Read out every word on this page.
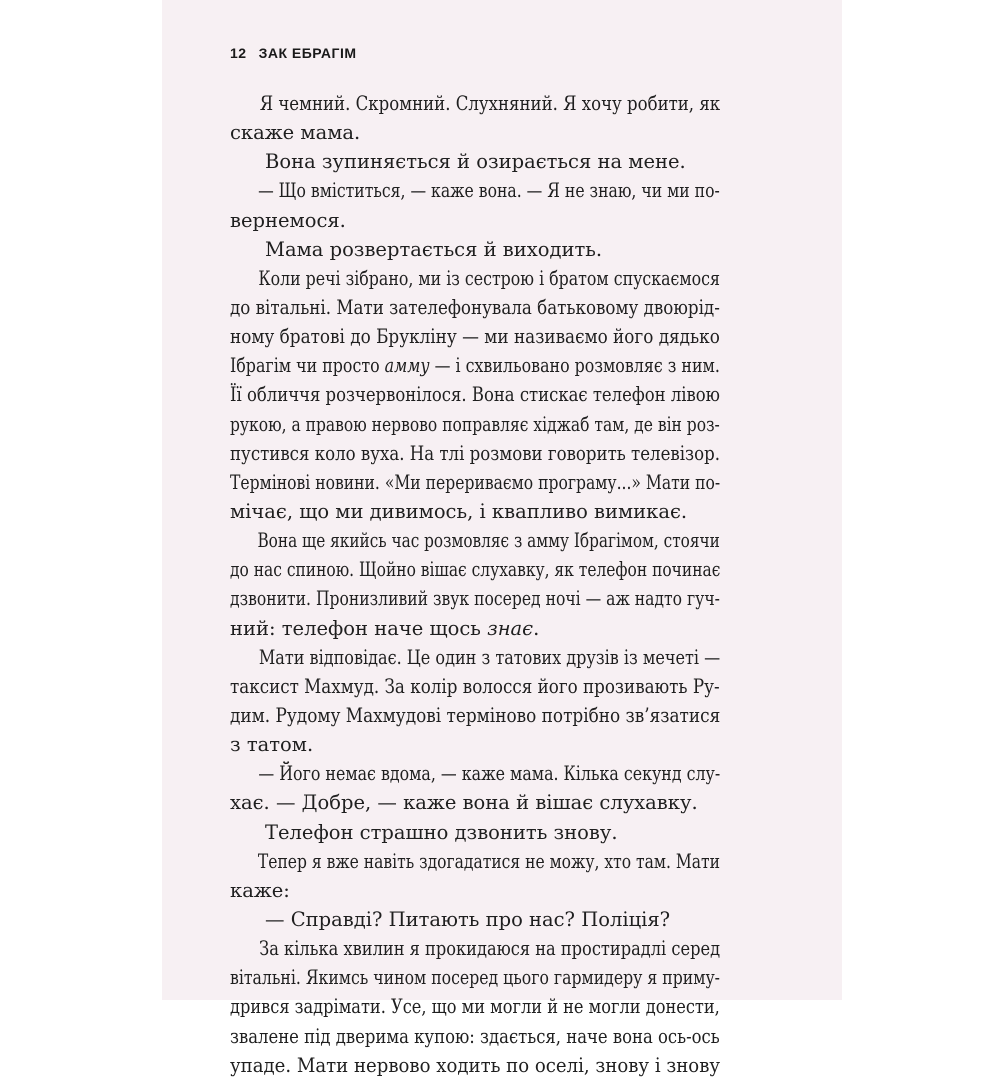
12 ЗАК ЕБРАГІМ
Я чемний. Скромний. Слухняний. Я хочу робити, як
скаже мама.
Вона зупиняється й озирається на мене.
— Що вміститься, — каже вона. — Я не знаю, чи ми по-
вернемося.
Мама розвертається й виходить.
Коли речі зібрано, ми із сестрою і братом спускаємося
до вітальні. Мати зателефонувала батьковому двоюрід-
ному братові до Брукліну — ми називаємо його дядько
Ібрагім чи просто амму — і схвильовано розмовляє з ним.
Її обличчя розчервонілося. Вона стискає телефон лівою
рукою, а правою нервово поправляє хіджаб там, де він роз-
пустився коло вуха. На тлі розмови говорить телевізор.
Термінові новини. «Ми перериваємо програму...» Мати по-
мічає, що ми дивимось, і квапливо вимикає.
Вона ще якийсь час розмовляє з амму Ібрагімом, стоячи
до нас спиною. Щойно вішає слухавку, як телефон починає
дзвонити. Пронизливий звук посеред ночі — аж надто гуч-
ний: телефон наче щось знає.
Мати відповідає. Це один з татових друзів із мечеті —
таксист Махмуд. За колір волосся його прозивають Ру-
дим. Рудому Махмудові терміново потрібно зв’язатися
з татом.
— Його немає вдома, — каже мама. Кілька секунд слу-
хає. — Добре, — каже вона й вішає слухавку.
Телефон страшно дзвонить знову.
Тепер я вже навіть здогадатися не можу, хто там. Мати
каже:
— Справді? Питають про нас? Поліція?
За кілька хвилин я прокидаюся на простирадлі серед
вітальні. Якимсь чином посеред цього гармидеру я приму-
дрився задрімати. Усе, що ми могли й не могли донести,
звалене під дверима купою: здається, наче вона ось-ось
упаде. Мати нервово ходить по оселі, знову і знову
